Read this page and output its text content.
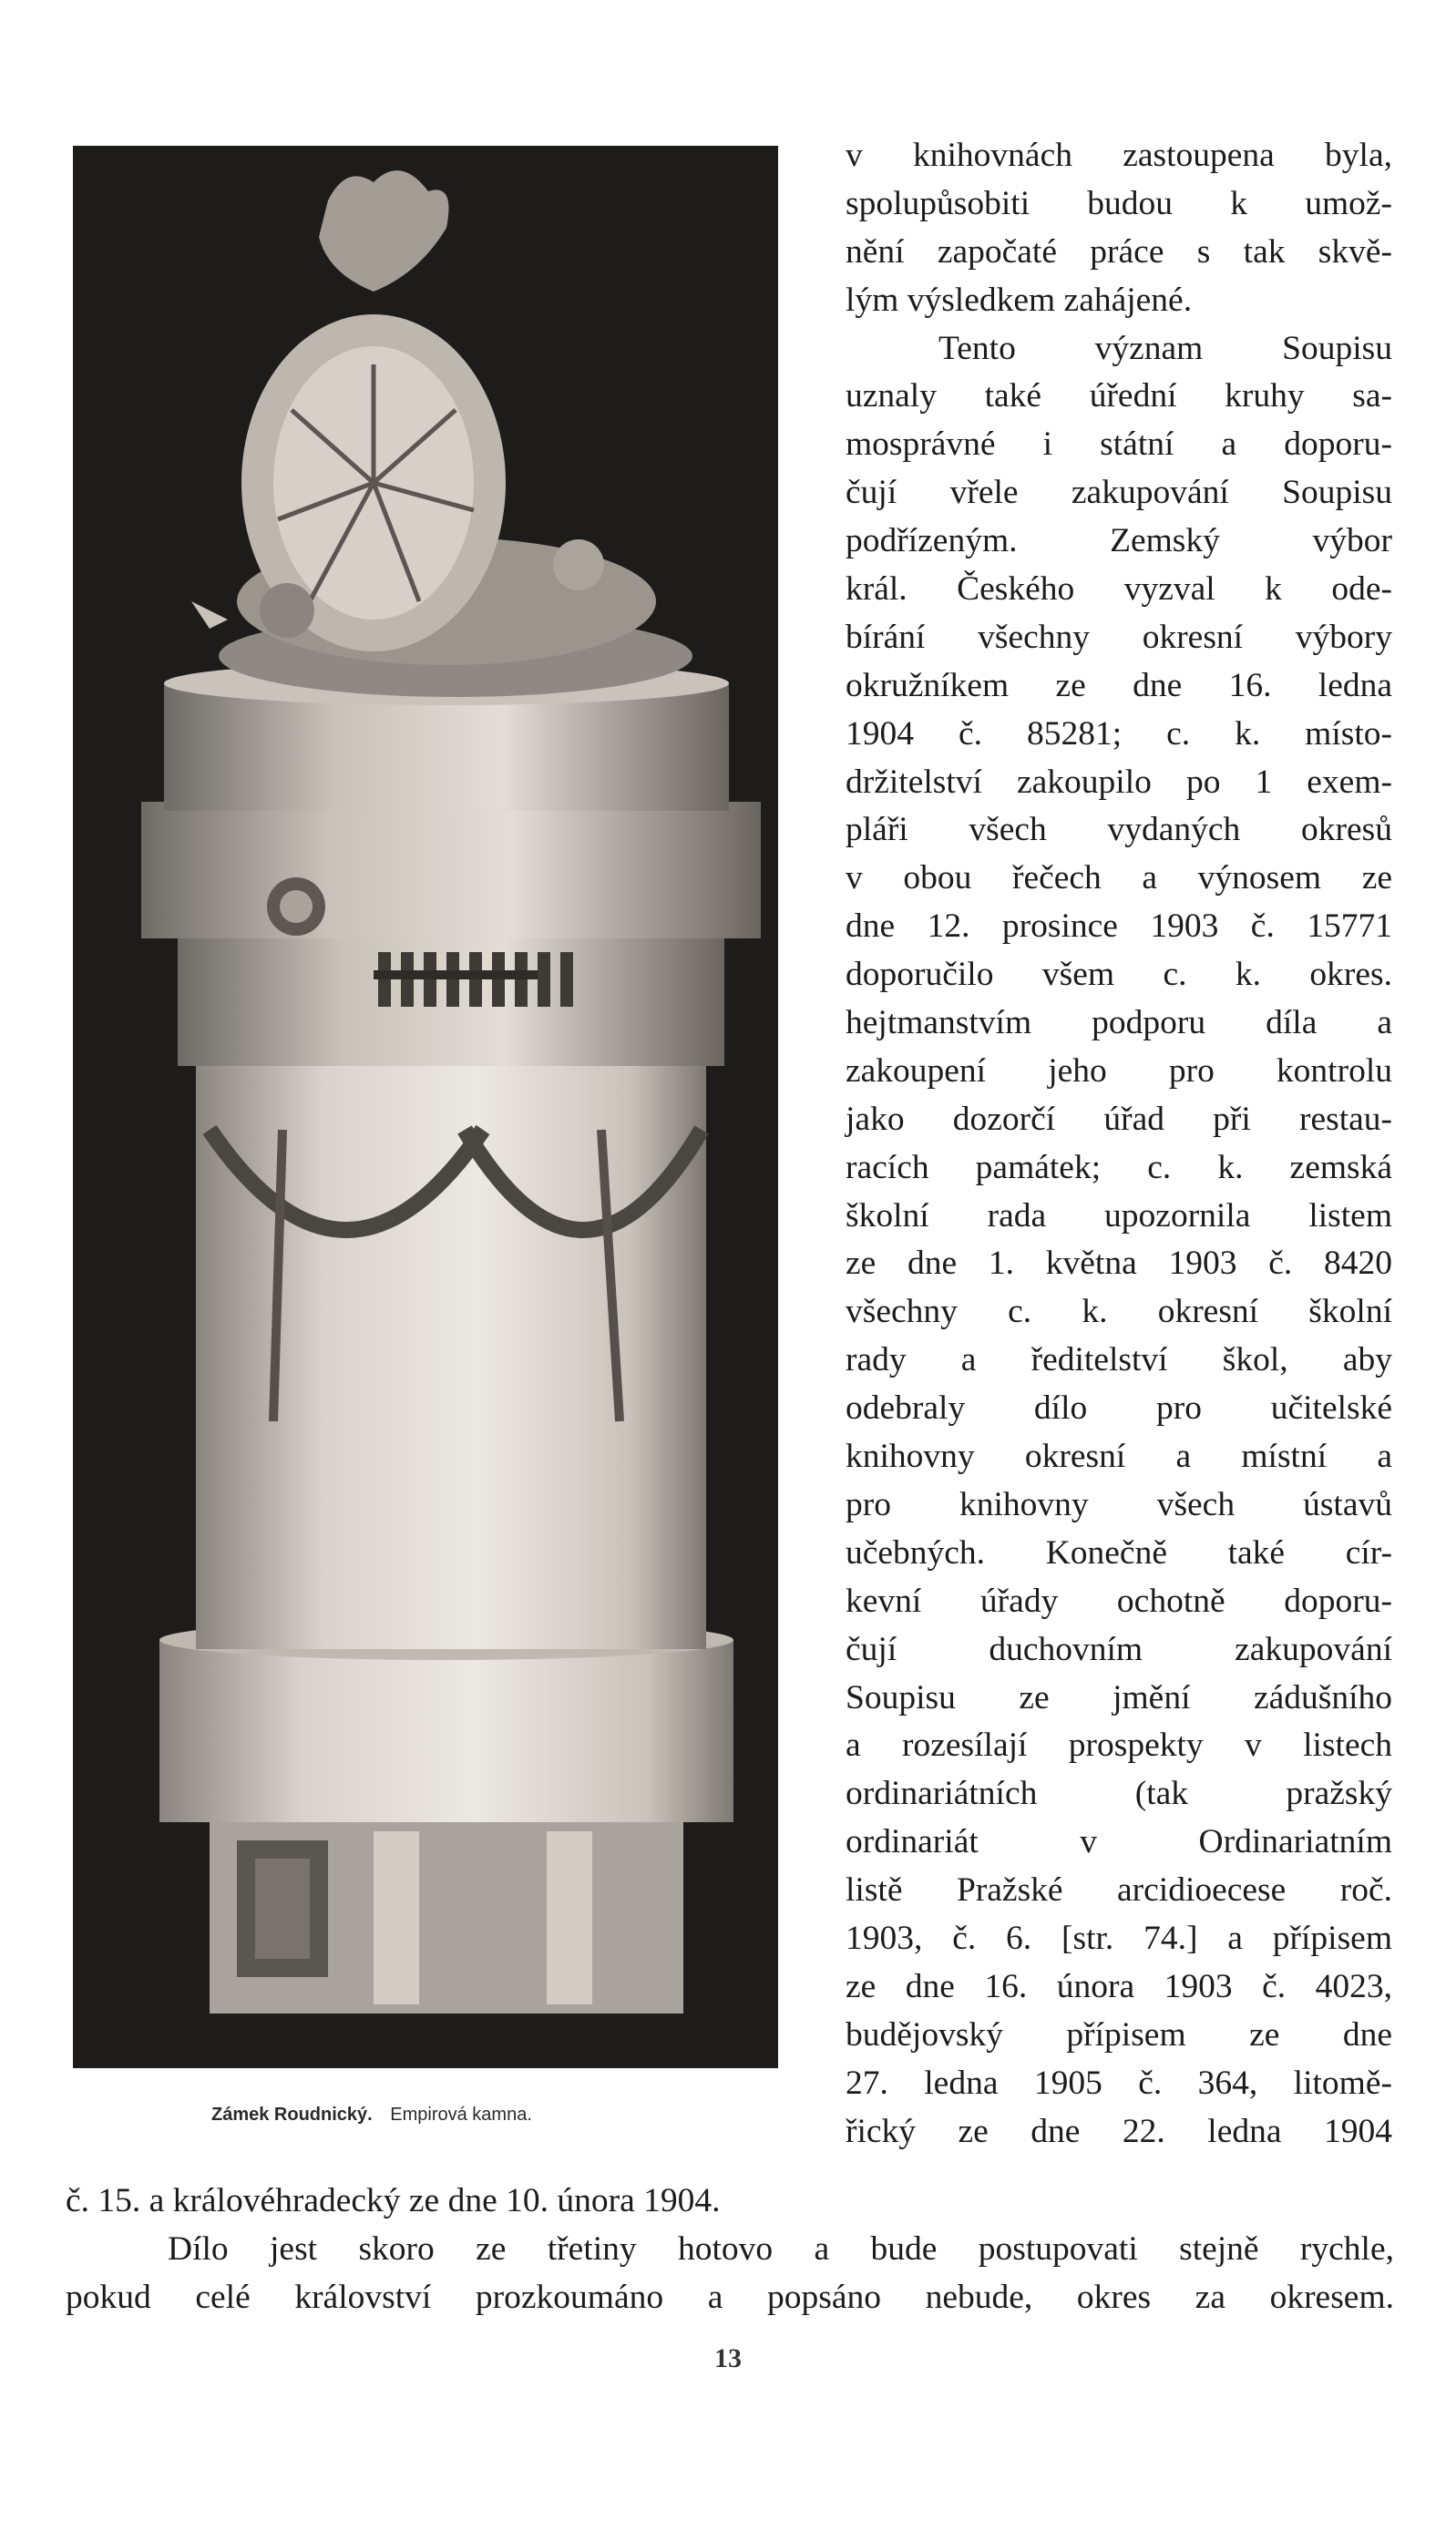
Zámek Roudnický. Empirová kamna.
v knihovnách zastoupena byla,
spolupůsobiti budou k umož-
nění započaté práce s tak skvě-
lým výsledkem zahájené.
Tento význam Soupisu
uznaly také úřední kruhy sa-
mosprávné i státní a doporu-
čují vřele zakupování Soupisu
podřízeným. Zemský výbor
král. Českého vyzval k ode-
bírání všechny okresní výbory
okružníkem ze dne 16. ledna
1904 č. 85281; c. k. místo-
držitelství zakoupilo po 1 exem-
pláři všech vydaných okresů
v obou řečech a výnosem ze
dne 12. prosince 1903 č. 15771
doporučilo všem c. k. okres.
hejtmanstvím podporu díla a
zakoupení jeho pro kontrolu
jako dozorčí úřad při restau-
racích památek; c. k. zemská
školní rada upozornila listem
ze dne 1. května 1903 č. 8420
všechny c. k. okresní školní
rady a ředitelství škol, aby
odebraly dílo pro učitelské
knihovny okresní a místní a
pro knihovny všech ústavů
učebných. Konečně také cír-
kevní úřady ochotně doporu-
čují duchovním zakupování
Soupisu ze jmění zádušního
a rozesílají prospekty v listech
ordinariátních (tak pražský
ordinariát v Ordinariatním
listě Pražské arcidioecese roč.
1903, č. 6. [str. 74.] a přípisem
ze dne 16. února 1903 č. 4023,
budějovský přípisem ze dne
27. ledna 1905 č. 364, litomě-
řický ze dne 22. ledna 1904
č. 15. a královéhradecký ze dne 10. února 1904.
Dílo jest skoro ze třetiny hotovo a bude postupovati stejně rychle,
pokud celé království prozkoumáno a popsáno nebude, okres za okresem.
13
